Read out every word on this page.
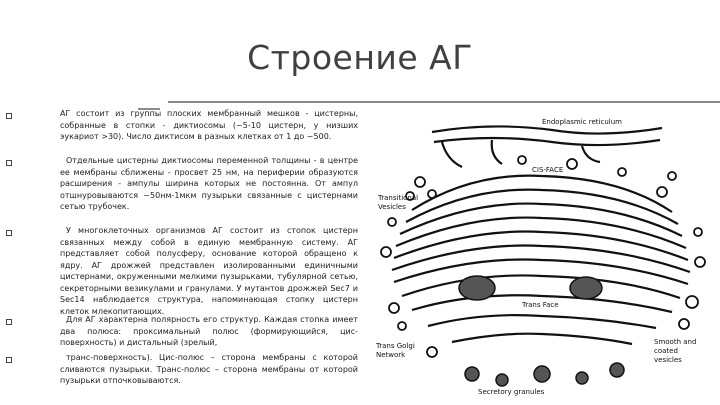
Строение АГ
АГ состоит из группы плоских мембранный мешков - цистерны, собранные в стопки - диктиосомы (~5-10 цистерн, у низших эукариот >30). Число диктисом в разных клетках от 1 до ~500.
Отдельные цистерны диктиосомы переменной толщины - в центре ее мембраны сближены - просвет 25 нм, на периферии образуются расширения - ампулы ширина которых не постоянна. От ампул отшнуровываются ~50нм-1мкм пузырьки связанные с цистернами сетью трубочек.
У многоклеточных организмов АГ состоит из стопок цистерн связанных между собой в единую мембранную систему. АГ представляет собой полусферу, основание которой обращено к ядру. АГ дрожжей представлен изолированными единичными цистернами, окруженными мелкими пузырьками, тубулярной сетью, секреторными везикулами и гранулами. У мутантов дрожжей Sec7 и Sec14 наблюдается структура, напоминающая стопку цистерн клеток млекопитающих.
Для АГ характерна полярность его структур. Каждая стопка имеет два полюса: проксимальный полюс (формирующийся, цис-поверхность) и дистальный (зрелый,
транс-поверхность). Цис-полюс – сторона мембраны с которой сливаются пузырьки. Транс-полюс – сторона мембраны от которой пузырьки отпочковываются.
Endoplasmic reticulum
CIS-FACE
Transitional
Vesicles
Trans Face
Smooth and
coated
vesicles
Trans Golgi
Network
Secretory granules
